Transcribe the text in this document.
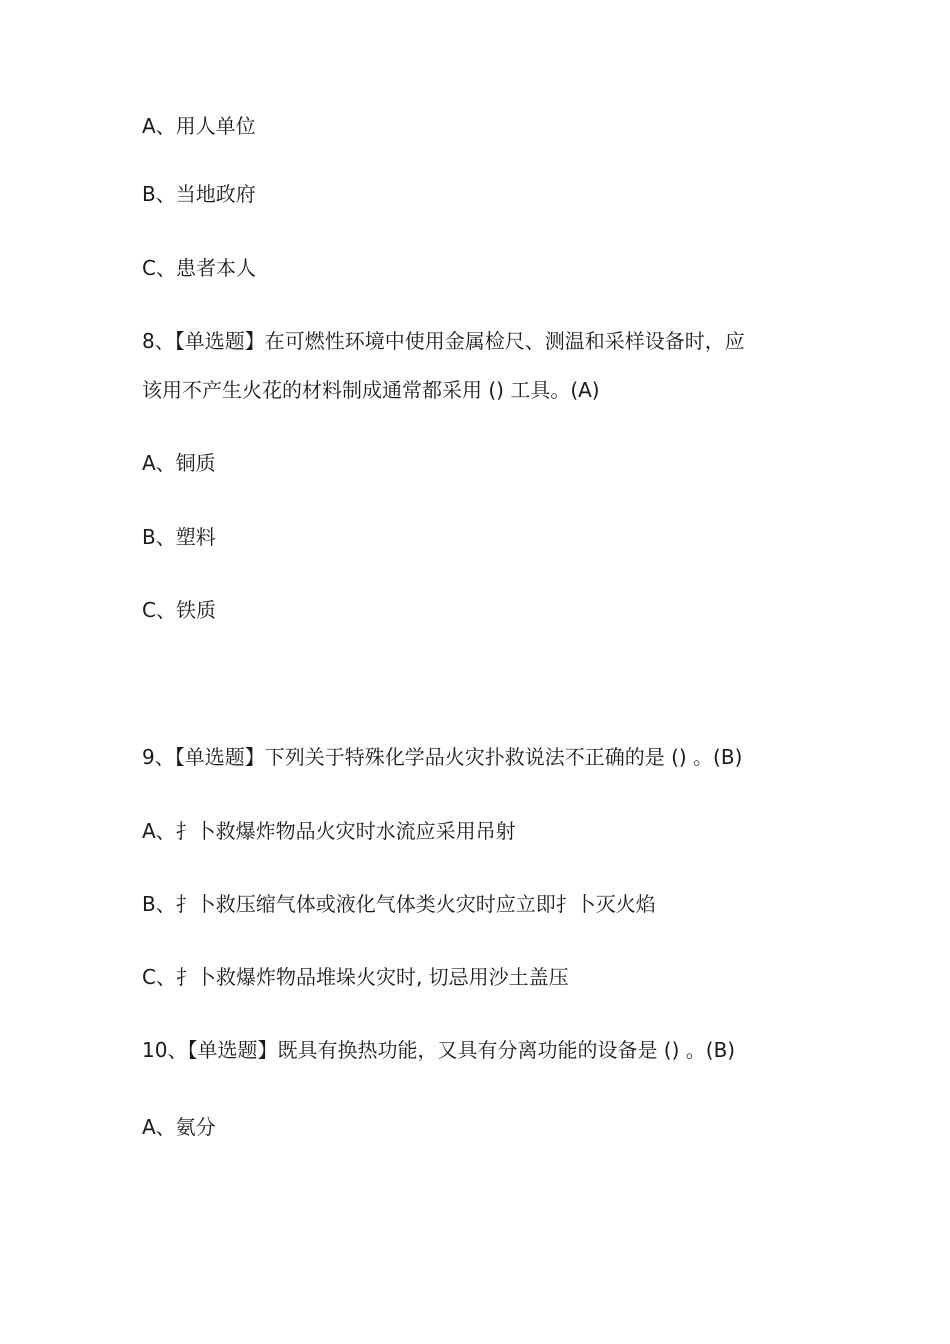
A、用人单位
B、当地政府
C、患者本人
8、【单选题】在可燃性环境中使用金属检尺、测温和采样设备时，应
该用不产生火花的材料制成通常都采用 () 工具。(A)
A、铜质
B、塑料
C、铁质
9、【单选题】下列关于特殊化学品火灾扑救说法不正确的是 () 。(B)
A、扌卜救爆炸物品火灾时水流应采用吊射
B、扌卜救压缩气体或液化气体类火灾时应立即扌卜灭火焰
C、扌卜救爆炸物品堆垛火灾时, 切忌用沙土盖压
10、【单选题】既具有换热功能，又具有分离功能的设备是 () 。(B)
A、氨分
